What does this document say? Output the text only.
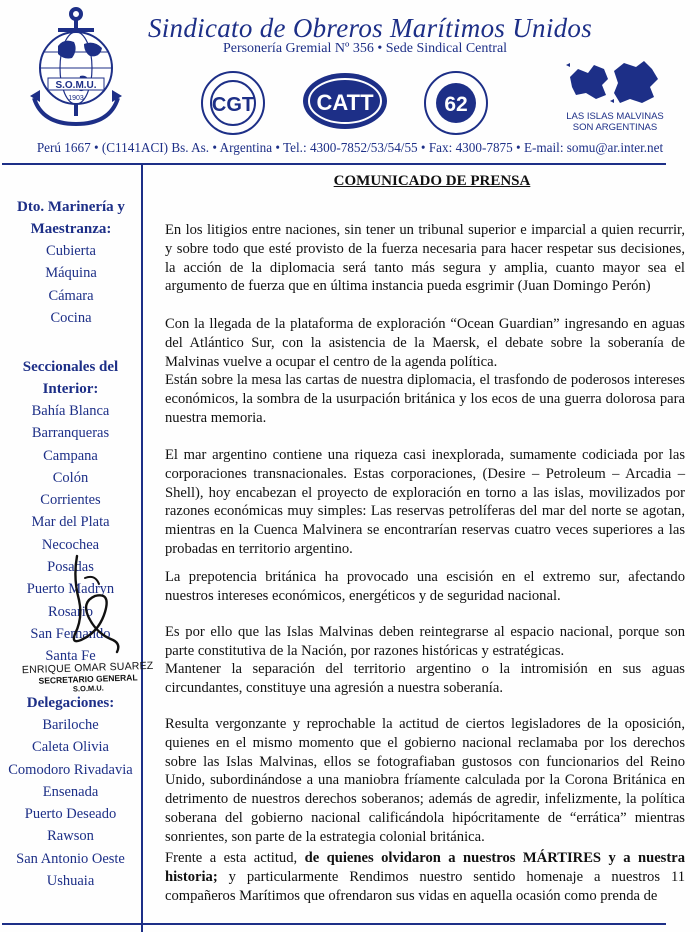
S.O.M.U.
1903
Sindicato de Obreros Marítimos Unidos
Personería Gremial Nº 356 • Sede Sindical Central
CGT	CATT	62
LAS ISLAS MALVINAS
SON ARGENTINAS
Perú 1667 • (C1141ACI) Bs. As. • Argentina • Tel.: 4300-7852/53/54/55 • Fax: 4300-7875 • E-mail: somu@ar.inter.net
Dto. Marinería y Maestranza:
Cubierta
Máquina
Cámara
Cocina
Seccionales del Interior:
Bahía Blanca
Barranqueras
Campana
Colón
Corrientes
Mar del Plata
Necochea
Posadas
Puerto Madryn
Rosario
San Fernando
Santa Fe
Delegaciones:
Bariloche
Caleta Olivia
Comodoro Rivadavia
Ensenada
Puerto Deseado
Rawson
San Antonio Oeste
Ushuaia
ENRIQUE OMAR SUAREZ
SECRETARIO GENERAL
S.O.M.U.
COMUNICADO DE PRENSA

En los litigios entre naciones, sin tener un tribunal superior e imparcial a quien recurrir, y sobre todo que esté provisto de la fuerza necesaria para hacer respetar sus decisiones, la acción de la diplomacia será tanto más segura y amplia, cuanto mayor sea el argumento de fuerza que en última instancia pueda esgrimir (Juan Domingo Perón)

Con la llegada de la plataforma de exploración “Ocean Guardian” ingresando en aguas del Atlántico Sur, con la asistencia de la Maersk, el debate sobre la soberanía de Malvinas vuelve a ocupar el centro de la agenda política.

Están sobre la mesa las cartas de nuestra diplomacia, el trasfondo de poderosos intereses económicos, la sombra de la usurpación británica y los ecos de una guerra dolorosa para nuestra memoria.

El mar argentino contiene una riqueza casi inexplorada, sumamente codiciada por las corporaciones transnacionales. Estas corporaciones, (Desire – Petroleum – Arcadia – Shell), hoy encabezan el proyecto de exploración en torno a las islas, movilizados por razones económicas muy simples: Las reservas petrolíferas del mar del norte se agotan, mientras en la Cuenca Malvinera se encontrarían reservas cuatro veces superiores a las probadas en territorio argentino.

La prepotencia británica ha provocado una escisión en el extremo sur, afectando nuestros intereses económicos, energéticos y de seguridad nacional.

Es por ello que las Islas Malvinas deben reintegrarse al espacio nacional, porque son parte constitutiva de la Nación, por razones históricas y estratégicas.

Mantener la separación del territorio argentino o la intromisión en sus aguas circundantes, constituye una agresión a nuestra soberanía.

Resulta vergonzante y reprochable la actitud de ciertos legisladores de la oposición, quienes en el mismo momento que el gobierno nacional reclamaba por los derechos sobre las Islas Malvinas, ellos se fotografiaban gustosos con funcionarios del Reino Unido, subordinándose a una maniobra fríamente calculada por la Corona Británica en detrimento de nuestros derechos soberanos; además de agredir, infelizmente, la política soberana del gobierno nacional calificándola hipócritamente de “errática” mientras sonrientes, son parte de la estrategia colonial británica.

Frente a esta actitud, de quienes olvidaron a nuestros MÁRTIRES y a nuestra historia; y particularmente Rendimos nuestro sentido homenaje a nuestros 11 compañeros Marítimos que ofrendaron sus vidas en aquella ocasión como prenda de
